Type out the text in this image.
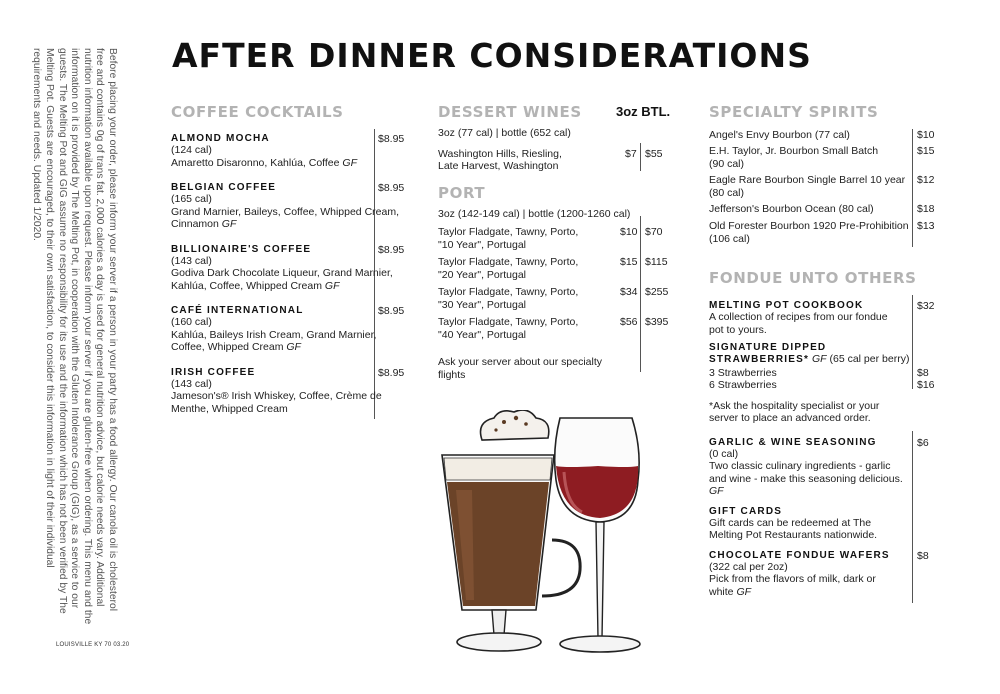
AFTER DINNER CONSIDERATIONS

Before placing your order, please inform your server if a person in your party has a food allergy. Our canola oil is cholesterol free and contains 0g of trans fat. 2,000 calories a day is used for general nutrition advice, but calorie needs vary. Additional nutrition information available upon request. Please inform your server if you are gluten-free when ordering. This menu and the information on it is provided by The Melting Pot, in cooperation with the Gluten Intolerance Group (GIG), as a service to our guests. The Melting Pot and GIG assume no responsibility for its use and the information which has not been verified by The Melting Pot. Guests are encouraged, to their own satisfaction, to consider this information in light of their individual requirements and needs. Updated 1/2020.

LOUISVILLE KY 70 03.20

COFFEE COCKTAILS

ALMOND MOCHA

(124 cal)

Amaretto Disaronno, Kahlúa, Coffee GF

$8.95

BELGIAN COFFEE

(165 cal)

Grand Marnier, Baileys, Coffee, Whipped Cream, Cinnamon GF

$8.95

BILLIONAIRE'S COFFEE

(143 cal)

Godiva Dark Chocolate Liqueur, Grand Marnier, Kahlúa, Coffee, Whipped Cream GF

$8.95

CAFÉ INTERNATIONAL

(160 cal)

Kahlúa, Baileys Irish Cream, Grand Marnier, Coffee, Whipped Cream GF

$8.95

IRISH COFFEE

(143 cal)

Jameson's® Irish Whiskey, Coffee, Crème de Menthe, Whipped Cream

$8.95
DESSERT WINES	3oz BTL.
3oz (77 cal) | bottle (652 cal)
Washington Hills, Riesling, Late Harvest, Washington
$7 $55
PORT
3oz (142-149 cal) | bottle (1200-1260 cal)
Taylor Fladgate, Tawny, Porto, "10 Year", Portugal
$10 $70
Taylor Fladgate, Tawny, Porto, "20 Year", Portugal
$15 $115
Taylor Fladgate, Tawny, Porto, "30 Year", Portugal
$34 $255
Taylor Fladgate, Tawny, Porto, "40 Year", Portugal
$56 $395
Ask your server about our specialty flights
SPECIALTY SPIRITS
Angel's Envy Bourbon (77 cal)	$10
E.H. Taylor, Jr. Bourbon Small Batch (90 cal)
$15
Eagle Rare Bourbon Single Barrel 10 year (80 cal)
$12
Jefferson's Bourbon Ocean (80 cal)	$18
Old Forester Bourbon 1920 Pre-Prohibition (106 cal)
$13
FONDUE UNTO OTHERS

MELTING POT COOKBOOK

A collection of recipes from our fondue pot to yours.

$32

SIGNATURE DIPPED

STRAWBERRIES* GF (65 cal per berry)

3 Strawberries	$8
6 Strawberries	$16

*Ask the hospitality specialist or your server to place an advanced order.

GARLIC & WINE SEASONING

(0 cal)

Two classic culinary ingredients - garlic and wine - make this seasoning delicious. GF

$6

GIFT CARDS

Gift cards can be redeemed at The Melting Pot Restaurants nationwide.

CHOCOLATE FONDUE WAFERS

(322 cal per 2oz)

Pick from the flavors of milk, dark or white GF

$8
